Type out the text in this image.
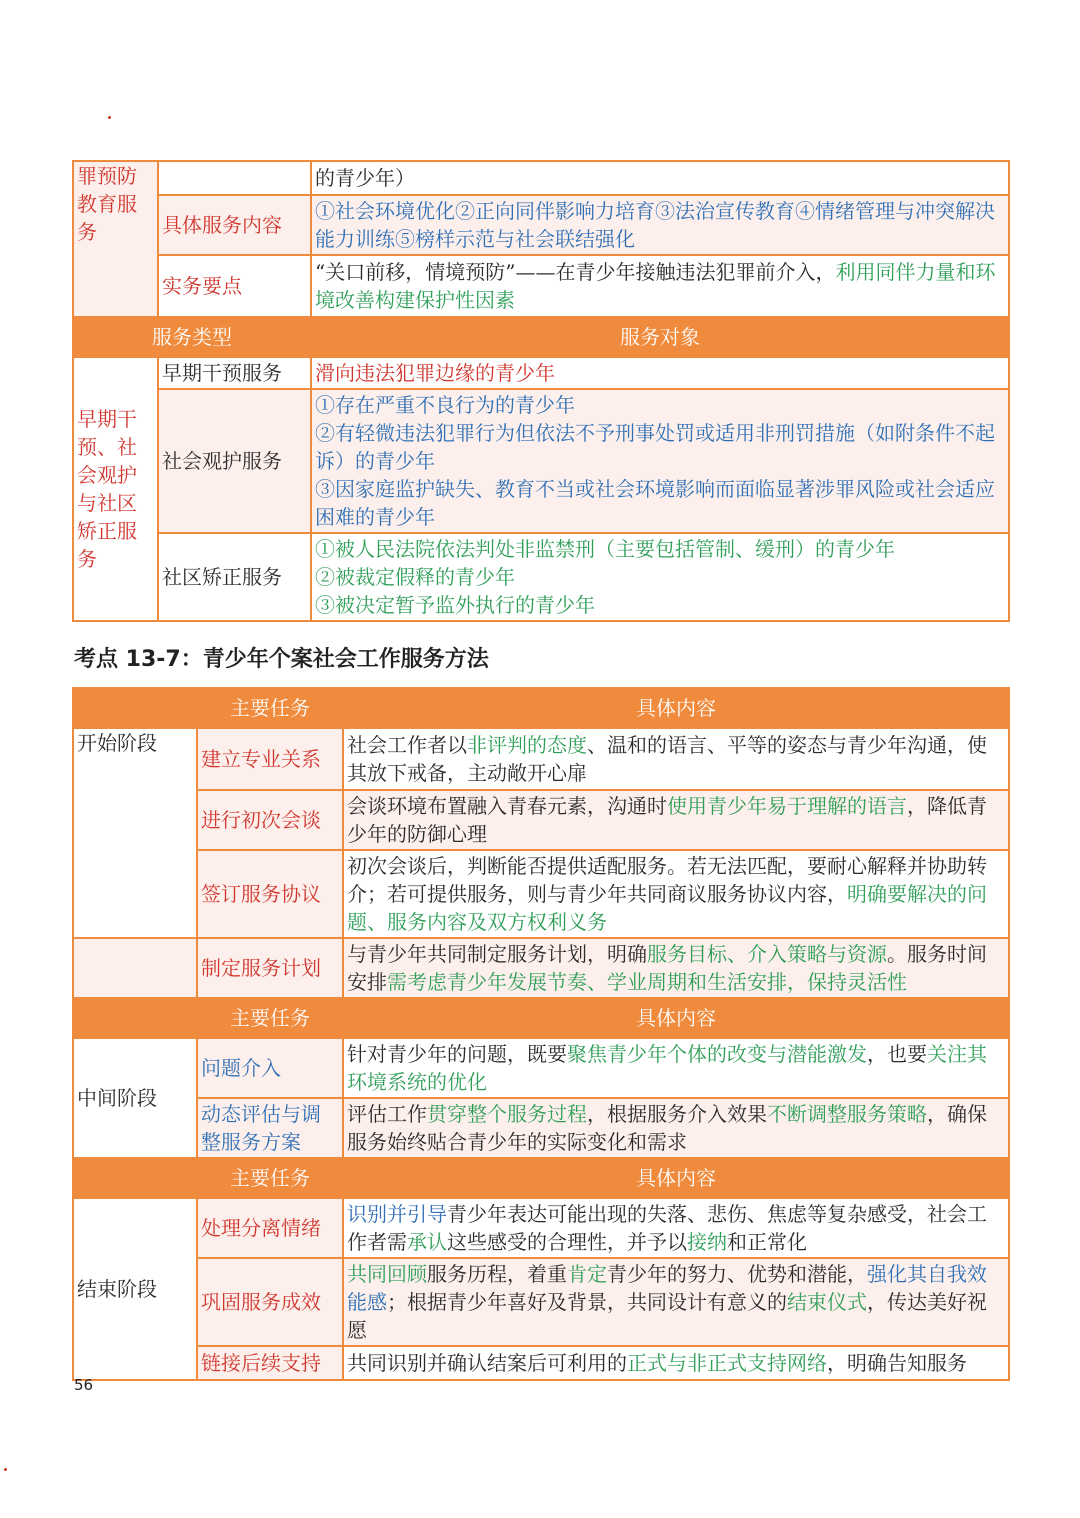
罪预防教育服务		的青少年）
	具体服务内容	①社会环境优化②正向同伴影响力培育③法治宣传教育④情绪管理与冲突解决能力训练⑤榜样示范与社会联结强化
	实务要点	“关口前移，情境预防”——在青少年接触违法犯罪前介入，利用同伴力量和环境改善构建保护性因素
服务类型		服务对象
早期干预、社会观护与社区矫正服务	早期干预服务	滑向违法犯罪边缘的青少年
	社会观护服务	①存在严重不良行为的青少年
②有轻微违法犯罪行为但依法不予刑事处罚或适用非刑罚措施（如附条件不起诉）的青少年
③因家庭监护缺失、教育不当或社会环境影响而面临显著涉罪风险或社会适应困难的青少年

	社区矫正服务	①被人民法院依法判处非监禁刑（主要包括管制、缓刑）的青少年
②被裁定假释的青少年
③被决定暂予监外执行的青少年
考点 13-7：青少年个案社会工作服务方法
	主要任务	具体内容
开始阶段	建立专业关系	社会工作者以非评判的态度、温和的语言、平等的姿态与青少年沟通，使其放下戒备，主动敞开心扉
	进行初次会谈	会谈环境布置融入青春元素，沟通时使用青少年易于理解的语言，降低青少年的防御心理
	签订服务协议	初次会谈后，判断能否提供适配服务。若无法匹配，要耐心解释并协助转介；若可提供服务，则与青少年共同商议服务协议内容，明确要解决的问题、服务内容及双方权利义务
	制定服务计划	与青少年共同制定服务计划，明确服务目标、介入策略与资源。服务时间安排需考虑青少年发展节奏、学业周期和生活安排，保持灵活性
	主要任务	具体内容
中间阶段	问题介入	针对青少年的问题，既要聚焦青少年个体的改变与潜能激发，也要关注其环境系统的优化
	动态评估与调整服务方案	评估工作贯穿整个服务过程，根据服务介入效果不断调整服务策略，确保服务始终贴合青少年的实际变化和需求
	主要任务	具体内容
结束阶段	处理分离情绪	识别并引导青少年表达可能出现的失落、悲伤、焦虑等复杂感受，社会工作者需承认这些感受的合理性，并予以接纳和正常化
	巩固服务成效	共同回顾服务历程，着重肯定青少年的努力、优势和潜能，强化其自我效能感；根据青少年喜好及背景，共同设计有意义的结束仪式，传达美好祝愿
	链接后续支持	共同识别并确认结案后可利用的正式与非正式支持网络，明确告知服务
56
